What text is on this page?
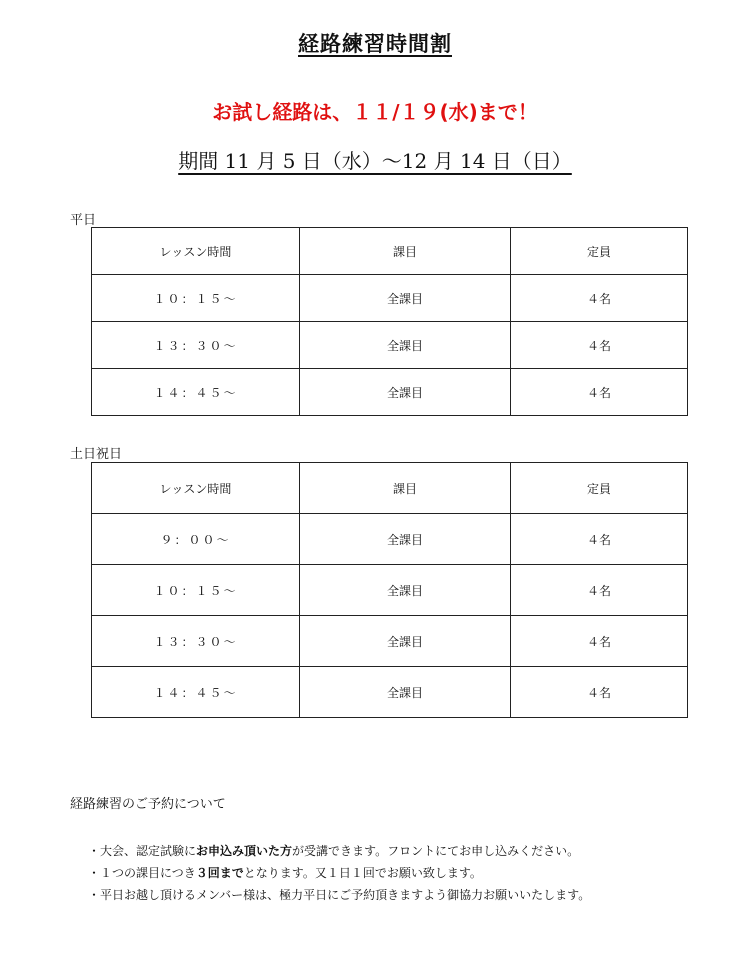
経路練習時間割
お試し経路は、１１/１９(水)まで！
期間 11 月 5 日（水）～12 月 14 日（日）
平日
レッスン時間	課目	定員
１０：１５～	全課目	４名
１３：３０～	全課目	４名
１４：４５～	全課目	４名
土日祝日
レッスン時間	課目	定員
９：００～	全課目	４名
１０：１５～	全課目	４名
１３：３０～	全課目	４名
１４：４５～	全課目	４名
経路練習のご予約について
・大会、認定試験にお申込み頂いた方が受講できます。フロントにてお申し込みください。
・１つの課目につき３回までとなります。又１日１回でお願い致します。
・平日お越し頂けるメンバー様は、極力平日にご予約頂きますよう御協力お願いいたします。
